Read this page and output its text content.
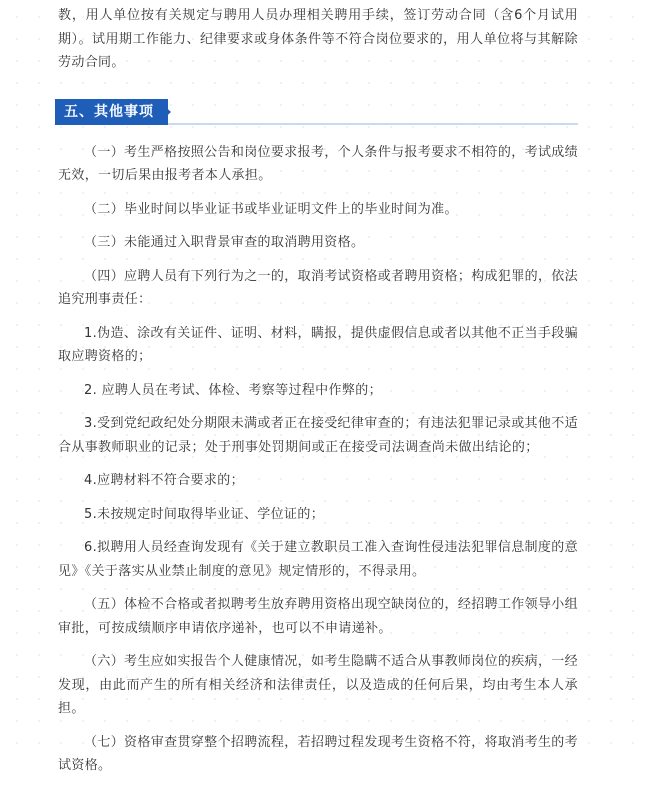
教，用人单位按有关规定与聘用人员办理相关聘用手续，签订劳动合同（含6个月试用期）。试用期工作能力、纪律要求或身体条件等不符合岗位要求的，用人单位将与其解除劳动合同。

五、其他事项

（一）考生严格按照公告和岗位要求报考，个人条件与报考要求不相符的，考试成绩无效，一切后果由报考者本人承担。

（二）毕业时间以毕业证书或毕业证明文件上的毕业时间为准。

（三）未能通过入职背景审查的取消聘用资格。

（四）应聘人员有下列行为之一的，取消考试资格或者聘用资格；构成犯罪的，依法追究刑事责任：

1.伪造、涂改有关证件、证明、材料，瞒报，提供虚假信息或者以其他不正当手段骗取应聘资格的；

2. 应聘人员在考试、体检、考察等过程中作弊的；

3.受到党纪政纪处分期限未满或者正在接受纪律审查的；有违法犯罪记录或其他不适合从事教师职业的记录；处于刑事处罚期间或正在接受司法调查尚未做出结论的；

4.应聘材料不符合要求的；

5.未按规定时间取得毕业证、学位证的；

6.拟聘用人员经查询发现有《关于建立教职员工准入查询性侵违法犯罪信息制度的意见》《关于落实从业禁止制度的意见》规定情形的，不得录用。

（五）体检不合格或者拟聘考生放弃聘用资格出现空缺岗位的，经招聘工作领导小组审批，可按成绩顺序申请依序递补，也可以不申请递补。

（六）考生应如实报告个人健康情况，如考生隐瞒不适合从事教师岗位的疾病，一经发现，由此而产生的所有相关经济和法律责任，以及造成的任何后果，均由考生本人承担。

（七）资格审查贯穿整个招聘流程，若招聘过程发现考生资格不符，将取消考生的考试资格。
